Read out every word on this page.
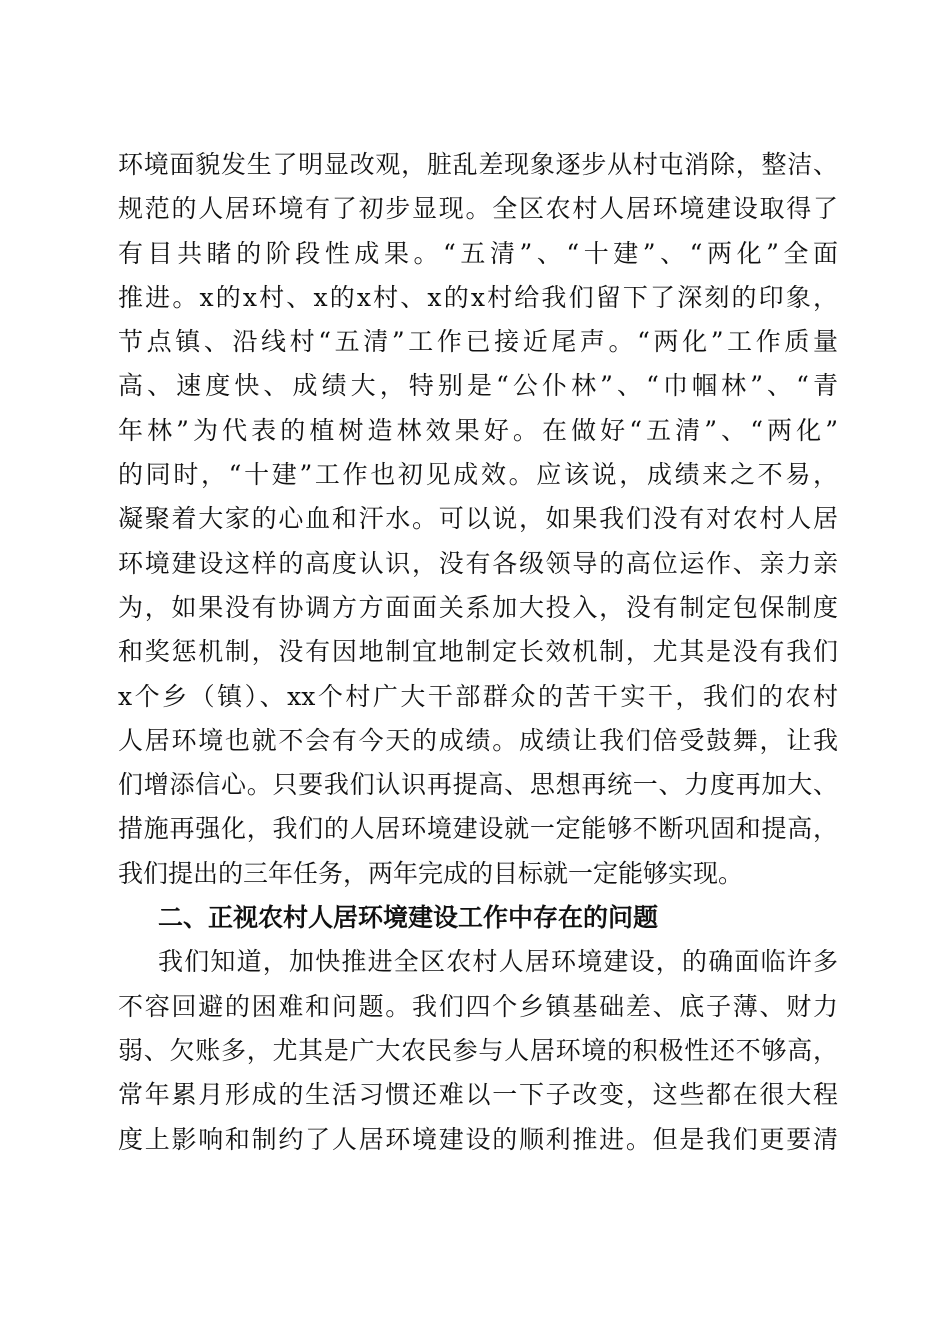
环境面貌发生了明显改观，脏乱差现象逐步从村屯消除，整洁、
规范的人居环境有了初步显现。全区农村人居环境建设取得了
有目共睹的阶段性成果。“五清”、“十建”、“两化”全面
推进。x的x村、x的x村、x的x村给我们留下了深刻的印象，
节点镇、沿线村“五清”工作已接近尾声。“两化”工作质量
高、速度快、成绩大，特别是“公仆林”、“巾帼林”、“青
年林”为代表的植树造林效果好。在做好“五清”、“两化”
的同时，“十建”工作也初见成效。应该说，成绩来之不易，
凝聚着大家的心血和汗水。可以说，如果我们没有对农村人居
环境建设这样的高度认识，没有各级领导的高位运作、亲力亲
为，如果没有协调方方面面关系加大投入，没有制定包保制度
和奖惩机制，没有因地制宜地制定长效机制，尤其是没有我们
x个乡（镇）、xx个村广大干部群众的苦干实干，我们的农村
人居环境也就不会有今天的成绩。成绩让我们倍受鼓舞，让我
们增添信心。只要我们认识再提高、思想再统一、力度再加大、
措施再强化，我们的人居环境建设就一定能够不断巩固和提高，
我们提出的三年任务，两年完成的目标就一定能够实现。
二、正视农村人居环境建设工作中存在的问题
我们知道，加快推进全区农村人居环境建设，的确面临许多
不容回避的困难和问题。我们四个乡镇基础差、底子薄、财力
弱、欠账多，尤其是广大农民参与人居环境的积极性还不够高，
常年累月形成的生活习惯还难以一下子改变，这些都在很大程
度上影响和制约了人居环境建设的顺利推进。但是我们更要清
